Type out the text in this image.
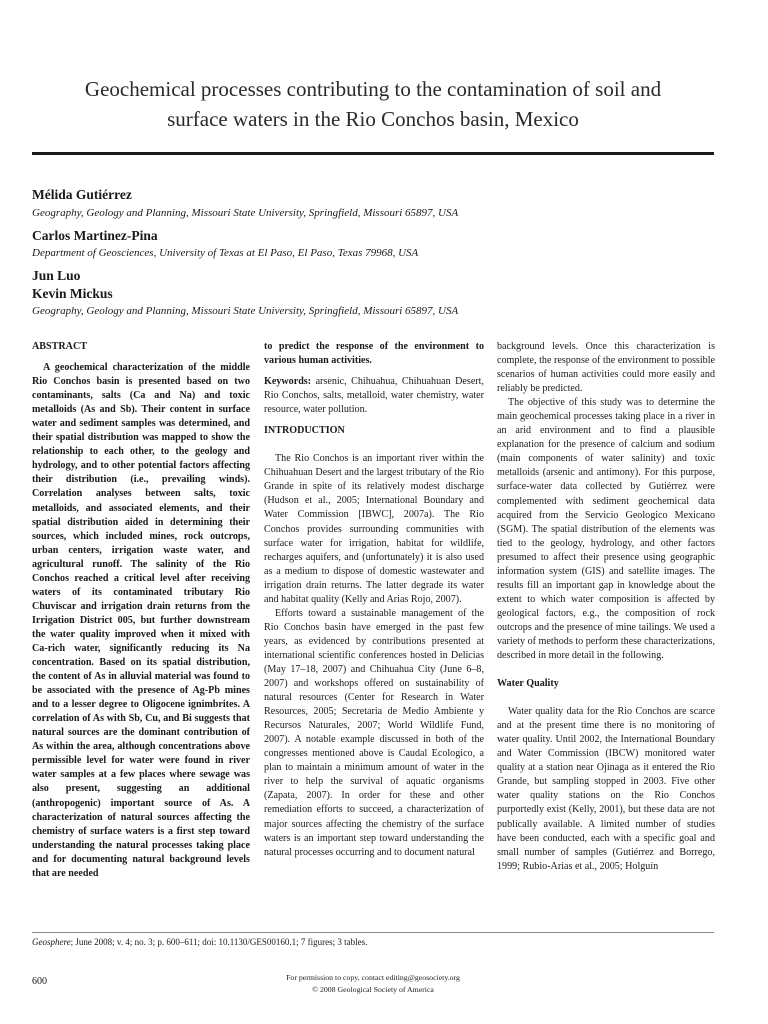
Geochemical processes contributing to the contamination of soil and
surface waters in the Rio Conchos basin, Mexico
Mélida Gutiérrez
Geography, Geology and Planning, Missouri State University, Springfield, Missouri 65897, USA
Carlos Martinez-Pina
Department of Geosciences, University of Texas at El Paso, El Paso, Texas 79968, USA
Jun Luo
Kevin Mickus
Geography, Geology and Planning, Missouri State University, Springfield, Missouri 65897, USA
ABSTRACT

A geochemical characterization of the middle Rio Conchos basin is presented based on two contaminants, salts (Ca and Na) and toxic metalloids (As and Sb). Their content in surface water and sediment samples was determined, and their spatial distribution was mapped to show the relationship to each other, to the geology and hydrology, and to other potential factors affecting their distribution (i.e., prevailing winds). Correlation analyses between salts, toxic metalloids, and associated elements, and their spatial distribution aided in determining their sources, which included mines, rock outcrops, urban centers, irrigation waste water, and agricultural runoff. The salinity of the Rio Conchos reached a critical level after receiving waters of its contaminated tributary Rio Chuviscar and irrigation drain returns from the Irrigation District 005, but further downstream the water quality improved when it mixed with Ca-rich water, significantly reducing its Na concentration. Based on its spatial distribution, the content of As in alluvial material was found to be associated with the presence of Ag-Pb mines and to a lesser degree to Oligocene ignimbrites. A correlation of As with Sb, Cu, and Bi suggests that natural sources are the dominant contribution of As within the area, although concentrations above permissible level for water were found in river water samples at a few places where sewage was also present, suggesting an additional (anthropogenic) important source of As. A characterization of natural sources affecting the chemistry of surface waters is a first step toward understanding the natural processes taking place and for documenting natural background levels that are needed

to predict the response of the environment to various human activities.

Keywords: arsenic, Chihuahua, Chihuahuan Desert, Rio Conchos, salts, metalloid, water chemistry, water resource, water pollution.

INTRODUCTION

The Rio Conchos is an important river within the Chihuahuan Desert and the largest tributary of the Rio Grande in spite of its relatively modest discharge (Hudson et al., 2005; International Boundary and Water Commission [IBWC], 2007a). The Rio Conchos provides surrounding communities with surface water for irrigation, habitat for wildlife, recharges aquifers, and (unfortunately) it is also used as a medium to dispose of domestic wastewater and irrigation drain returns. The latter degrade its water and habitat quality (Kelly and Arias Rojo, 2007).

Efforts toward a sustainable management of the Rio Conchos basin have emerged in the past few years, as evidenced by contributions presented at international scientific conferences hosted in Delicias (May 17–18, 2007) and Chihuahua City (June 6–8, 2007) and workshops offered on sustainability of natural resources (Center for Research in Water Resources, 2005; Secretaria de Medio Ambiente y Recursos Naturales, 2007; World Wildlife Fund, 2007). A notable example discussed in both of the congresses mentioned above is Caudal Ecologico, a plan to maintain a minimum amount of water in the river to help the survival of aquatic organisms (Zapata, 2007). In order for these and other remediation efforts to succeed, a characterization of major sources affecting the chemistry of the surface waters is an important step toward understanding the natural processes occurring and to document natural

background levels. Once this characterization is complete, the response of the environment to possible scenarios of human activities could more easily and reliably be predicted.

The objective of this study was to determine the main geochemical processes taking place in a river in an arid environment and to find a plausible explanation for the presence of calcium and sodium (main components of water salinity) and toxic metalloids (arsenic and antimony). For this purpose, surface-water data collected by Gutiérrez were complemented with sediment geochemical data acquired from the Servicio Geologico Mexicano (SGM). The spatial distribution of the elements was tied to the geology, hydrology, and other factors presumed to affect their presence using geographic information system (GIS) and satellite images. The results fill an important gap in knowledge about the extent to which water composition is affected by geological factors, e.g., the composition of rock outcrops and the presence of mine tailings. We used a variety of methods to perform these characterizations, described in more detail in the following.

Water Quality

Water quality data for the Rio Conchos are scarce and at the present time there is no monitoring of water quality. Until 2002, the International Boundary and Water Commission (IBCW) monitored water quality at a station near Ojinaga as it entered the Rio Grande, but sampling stopped in 2003. Five other water quality stations on the Rio Conchos purportedly exist (Kelly, 2001), but these data are not publically available. A limited number of studies have been conducted, each with a specific goal and small number of samples (Gutiérrez and Borrego, 1999; Rubio-Arias et al., 2005; Holguín

Geosphere; June 2008; v. 4; no. 3; p. 600–611; doi: 10.1130/GES00160.1; 7 figures; 3 tables.
600	For permission to copy, contact editing@geosociety.org
© 2008 Geological Society of America
